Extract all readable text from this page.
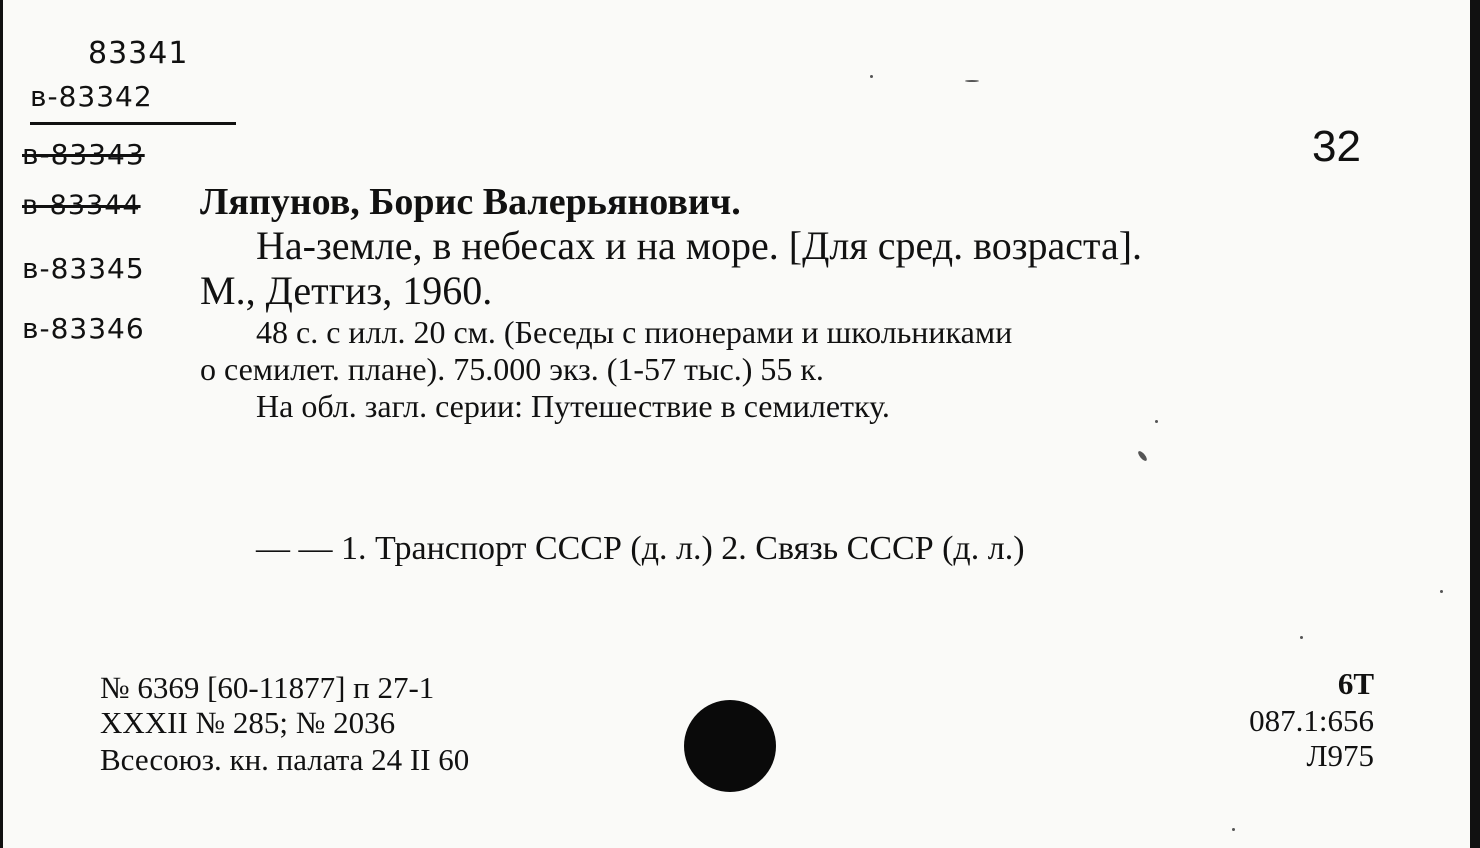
83341
в-83342
в-83343
в-83344
в-83345
в-83346
32
Ляпунов, Борис Валерьянович.
На-земле, в небесах и на море. [Для сред. возраста].
М., Детгиз, 1960.
48 с. с илл. 20 см. (Беседы с пионерами и школьниками
о семилет. плане). 75.000 экз. (1-57 тыс.) 55 к.
На обл. загл. серии: Путешествие в семилетку.
— — 1. Транспорт СССР (д. л.) 2. Связь СССР (д. л.)
№ 6369 [60-11877] п 27-1
XXXII № 285; № 2036
Всесоюз. кн. палата 24 II 60
6Т
087.1:656
Л975
